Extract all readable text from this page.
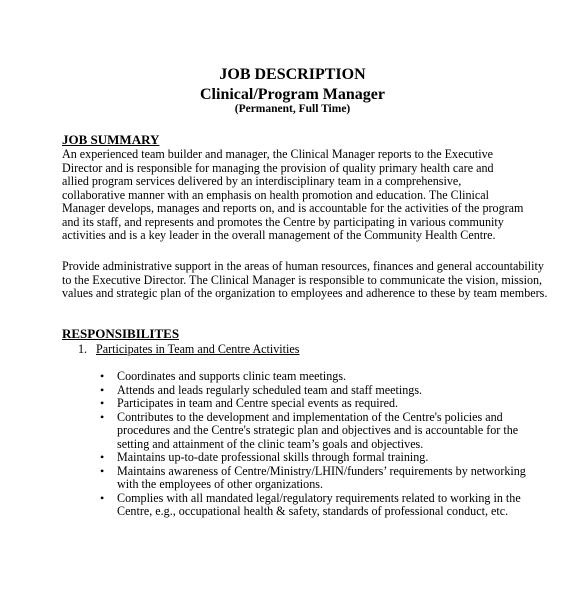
JOB DESCRIPTION
Clinical/Program Manager
(Permanent, Full Time)
JOB SUMMARY
An experienced team builder and manager, the Clinical Manager reports to the Executive
Director and is responsible for managing the provision of quality primary health care and
allied program services delivered by an interdisciplinary team in a comprehensive,
collaborative manner with an emphasis on health promotion and education. The Clinical
Manager develops, manages and reports on, and is accountable for the activities of the program
and its staff, and represents and promotes the Centre by participating in various community
activities and is a key leader in the overall management of the Community Health Centre.
Provide administrative support in the areas of human resources, finances and general accountability
to the Executive Director. The Clinical Manager is responsible to communicate the vision, mission,
values and strategic plan of the organization to employees and adherence to these by team members.
RESPONSIBILITES
1. Participates in Team and Centre Activities
• Coordinates and supports clinic team meetings.
• Attends and leads regularly scheduled team and staff meetings.
• Participates in team and Centre special events as required.
• Contributes to the development and implementation of the Centre's policies and
procedures and the Centre's strategic plan and objectives and is accountable for the
setting and attainment of the clinic team’s goals and objectives.
• Maintains up-to-date professional skills through formal training.
• Maintains awareness of Centre/Ministry/LHIN/funders’ requirements by networking
with the employees of other organizations.
• Complies with all mandated legal/regulatory requirements related to working in the
Centre, e.g., occupational health & safety, standards of professional conduct, etc.
